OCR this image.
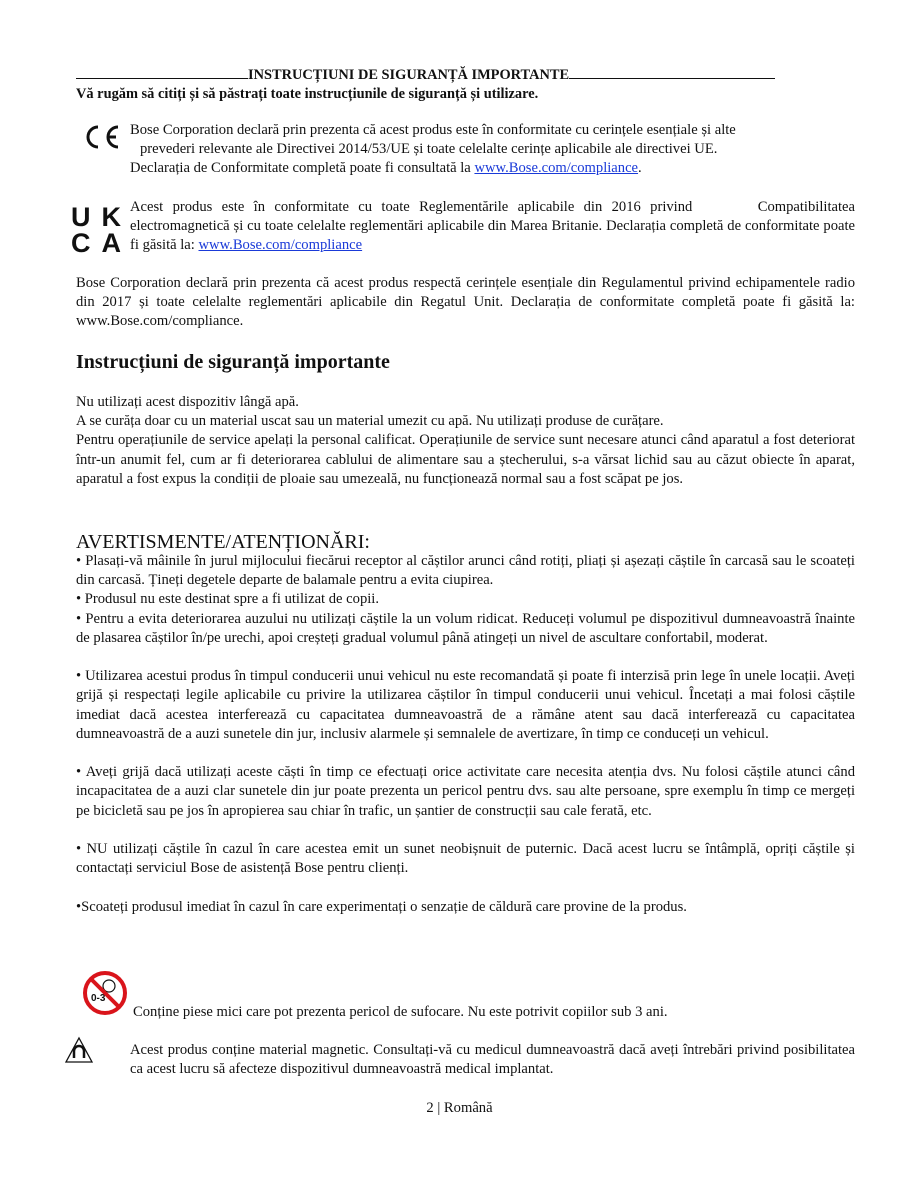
INSTRUCȚIUNI DE SIGURANȚĂ IMPORTANTE
Vă rugăm să citiți și să păstrați toate instrucțiunile de siguranță și utilizare.
Bose Corporation declară prin prezenta că acest produs este în conformitate cu cerințele esențiale și alte
prevederi relevante ale Directivei 2014/53/UE și toate celelalte cerințe aplicabile ale directivei UE.
Declarația de Conformitate completă poate fi consultată la www.Bose.com/compliance.
UK
CA
Acest produs este în conformitate cu toate Reglementările aplicabile din 2016 privind       Compatibilitatea electromagnetică și cu toate celelalte reglementări aplicabile din Marea Britanie. Declarația completă de conformitate poate fi găsită la: www.Bose.com/compliance
Bose Corporation declară prin prezenta că acest produs respectă cerințele esențiale din Regulamentul privind echipamentele radio din 2017 și toate celelalte reglementări aplicabile din Regatul Unit. Declarația de conformitate completă poate fi găsită la: www.Bose.com/compliance.
Instrucțiuni de siguranță importante

Nu utilizați acest dispozitiv lângă apă.

A se curăța doar cu un material uscat sau un material umezit cu apă. Nu utilizați produse de curățare.

Pentru operațiunile de service apelați la personal calificat. Operațiunile de service sunt necesare atunci când aparatul a fost deteriorat într-un anumit fel, cum ar fi deteriorarea cablului de alimentare sau a ștecherului, s-a vărsat lichid sau au căzut obiecte în aparat, aparatul a fost expus la condiții de ploaie sau umezeală, nu funcționează normal sau a fost scăpat pe jos.

AVERTISMENTE/ATENȚIONĂRI:

• Plasați-vă mâinile în jurul mijlocului fiecărui receptor al căștilor arunci când rotiți, pliați și așezați căștile în carcasă sau le scoateți din carcasă. Țineți degetele departe de balamale pentru a evita ciupirea.

• Produsul nu este destinat spre a fi utilizat de copii.

• Pentru a evita deteriorarea auzului nu utilizați căștile la un volum ridicat. Reduceți volumul pe dispozitivul dumneavoastră înainte de plasarea căștilor în/pe urechi, apoi creșteți gradual volumul până atingeți un nivel de ascultare confortabil, moderat.

• Utilizarea acestui produs în timpul conducerii unui vehicul nu este recomandată și poate fi interzisă prin lege în unele locații. Aveți grijă și respectați legile aplicabile cu privire la utilizarea căștilor în timpul conducerii unui vehicul. Încetați a mai folosi căștile imediat dacă acestea interferează cu capacitatea dumneavoastră de a rămâne atent sau dacă interferează cu capacitatea dumneavoastră de a auzi sunetele din jur, inclusiv alarmele și semnalele de avertizare, în timp ce conduceți un vehicul.

• Aveți grijă dacă utilizați aceste căști în timp ce efectuați orice activitate care necesita atenția dvs. Nu folosi căștile atunci când incapacitatea de a auzi clar sunetele din jur poate prezenta un pericol pentru dvs. sau alte persoane, spre exemplu în timp ce mergeți pe bicicletă sau pe jos în apropierea sau chiar în trafic, un șantier de construcții sau cale ferată, etc.

• NU utilizați căștile în cazul în care acestea emit un sunet neobișnuit de puternic. Dacă acest lucru se întâmplă, opriți căștile și contactați serviciul Bose de asistență Bose pentru clienți.

•Scoateți produsul imediat în cazul în care experimentați o senzație de căldură care provine de la produs.

0-3
Conține piese mici care pot prezenta pericol de sufocare. Nu este potrivit copiilor sub 3 ani.
Acest produs conține material magnetic. Consultați-vă cu medicul dumneavoastră dacă aveți întrebări privind posibilitatea ca acest lucru să afecteze dispozitivul dumneavoastră medical implantat.
2 | Română
